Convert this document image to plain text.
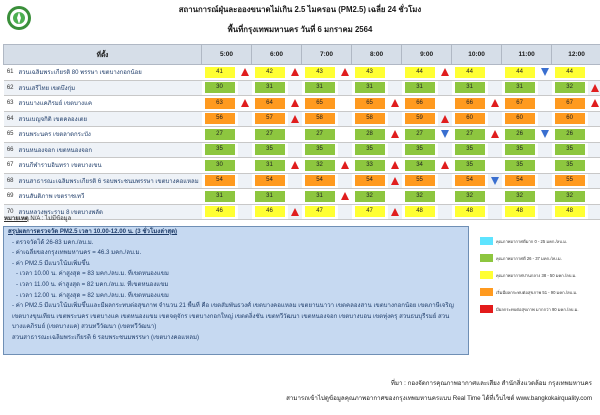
สถานการณ์ฝุ่นละอองขนาดไม่เกิน 2.5 ไมครอน (PM2.5) เฉลี่ย 24 ชั่วโมง
พื้นที่กรุงเทพมหานคร วันที่ 6 มกราคม 2564
ที่ตั้ง		5:00		6:00		7:00		8:00		9:00		10:00		11:00		12:00	
61	สวนเฉลิมพระเกียรติ 80 พรรษา เขตบางกอกน้อย	41		42		43		43		44		44		44		44	

62	สวนเสรีไทย เขตบึงกุ่ม	30		31		31		31		31		31		31		32	

63	สวนบางแคภิรมย์ เขตบางแค	63		64		65		65		66		66		67		67	

64	สวนเบญจกิติ เขตคลองเตย	56		57		58		58		59		60		60		60	

65	สวนพระนคร เขตลาดกระบัง	27		27		27		28		27		27		26		26	

66	สวนหนองจอก เขตหนองจอก	35		35		35		35		35		35		35		35	

67	สวนกีฬารามอินทรา เขตบางเขน	30		31		32		33		34		35		35		35	

68	สวนสาธารณะเฉลิมพระเกียรติ 6 รอบพระชนมพรรษา เขตบางคอแหลม	54		54		54		54		55		54		54		55	

69	สวนสันติภาพ เขตราชเทวี	31		31		31		32		32		32		32		32	

70	สวนหลวงพระราม 8 เขตบางพลัด	46		46		47		47		48		48		48		48	

หมายเหตุ N/A : ไม่มีข้อมูล
สรุปผลการตรวจวัด PM2.5 เวลา 10.00-12.00 น. (3 ชั่วโมงล่าสุด)
- ตรวจวัดได้ 26-83 มคก./ลบ.ม.
- ค่าเฉลี่ยของกรุงเทพมหานคร = 46.3 มคก./ลบ.ม.
- ค่า PM2.5 มีแนวโน้มเพิ่มขึ้น
- เวลา 10.00 น. ค่าสูงสุด = 83 มคก./ลบ.ม. ที่เขตหนองแขม
- เวลา 11.00 น. ค่าสูงสุด = 82 มคก./ลบ.ม. ที่เขตหนองแขม
- เวลา 12.00 น. ค่าสูงสุด = 82 มคก./ลบ.ม. ที่เขตหนองแขม
- ค่า PM2.5 มีแนวโน้มเพิ่มขึ้นและมีผลกระทบต่อสุขภาพ จำนวน 21 พื้นที่ คือ เขตสัมพันธวงศ์ เขตบางคอแหลม เขตยานนาวา เขตคลองสาน เขตบางกอกน้อย เขตภาษีเจริญ เขตบางขุนเทียน เขตพระนคร เขตบางแค เขตหนองแขม เขตจตุจักร เขตบางกอกใหญ่ เขตตลิ่งชัน เขตทวีวัฒนา เขตหนองจอก เขตบางบอน เขตทุ่งครุ สวนธนบุรีรมย์ สวนบางแคภิรมย์ (เขตบางแค) สวนทวีวัฒนา (เขตทวีวัฒนา)
สวนสาธารณะเฉลิมพระเกียรติ 6 รอบพระชนมพรรษา (เขตบางคอแหลม)
คุณภาพอากาศดีมาก 0 - 25 มคก./ลบ.ม.
คุณภาพอากาศดี 26 - 37 มคก./ลบ.ม.
คุณภาพอากาศปานกลาง 38 - 50 มคก./ลบ.ม.
เริ่มมีผลกระทบต่อสุขภาพ 51 - 90 มคก./ลบ.ม.
มีผลกระทบต่อสุขภาพ มากกว่า 90 มคก./ลบ.ม.
ที่มา : กองจัดการคุณภาพอากาศและเสียง สำนักสิ่งแวดล้อม กรุงเทพมหานคร
สามารถเข้าไปดูข้อมูลคุณภาพอากาศของกรุงเทพมหานครแบบ Real Time ได้ที่เว็บไซต์ www.bangkokairquality.com
